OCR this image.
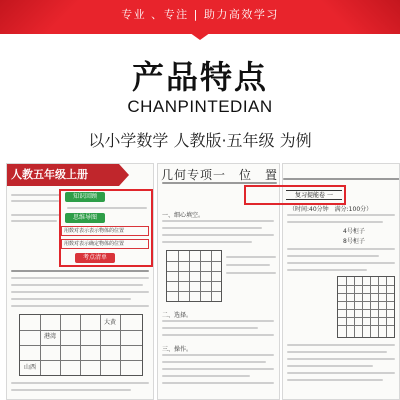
专业 、专注 | 助力高效学习
产品特点
CHANPINTEDIAN
以小学数学 人教版·五年级 为例
人教五年级上册
知识回顾
思维导图
用数对表示表示物体的位置
用数对表示确定物体的位置
考点清单
港湾
大黄
山西
几何专项一　位　置
一、细心填空。
二、选择。
三、操作。
（时间:40分钟　满分:100分）
4号柜子
8号柜子
复习提能卷 一
